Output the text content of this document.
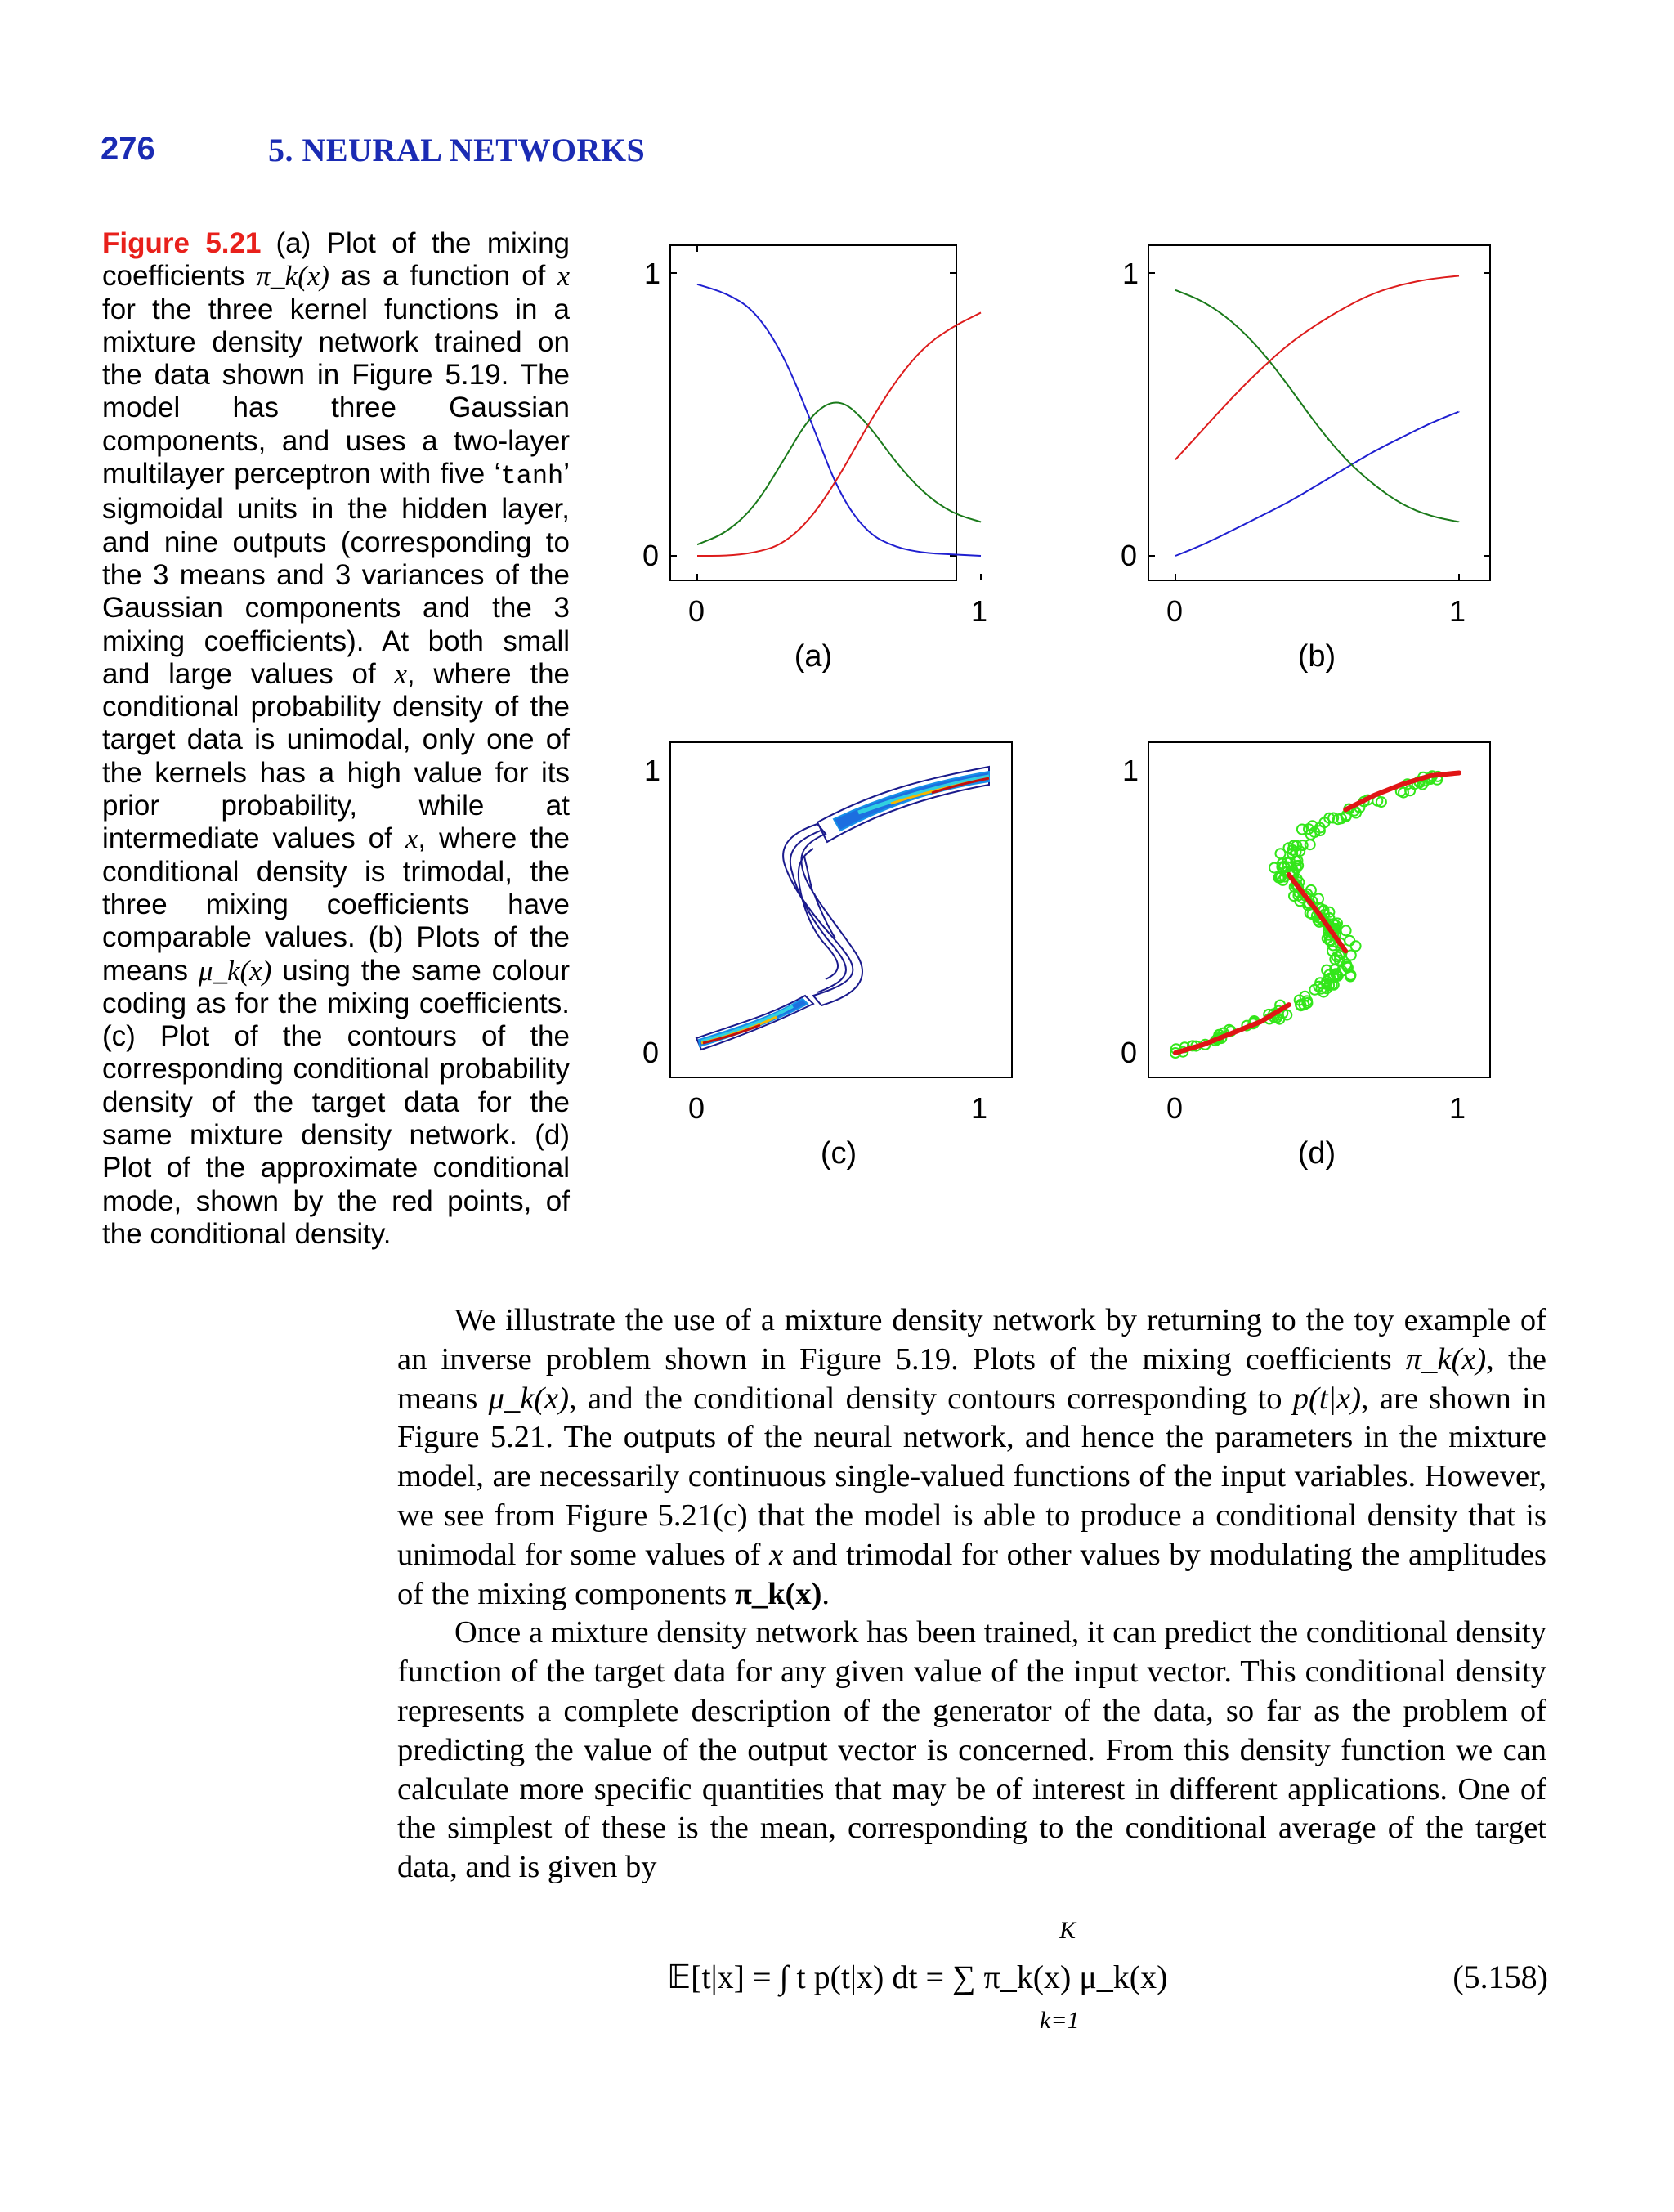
276	5. NEURAL NETWORKS
Figure 5.21 (a) Plot of the mixing coefficients π_k(x) as a function of x for the three kernel functions in a mixture density network trained on the data shown in Figure 5.19. The model has three Gaussian components, and uses a two-layer multilayer perceptron with five ‘tanh’ sigmoidal units in the hidden layer, and nine outputs (corresponding to the 3 means and 3 variances of the Gaussian components and the 3 mixing coefficients). At both small and large values of x, where the conditional probability density of the target data is unimodal, only one of the kernels has a high value for its prior probability, while at intermediate values of x, where the conditional density is trimodal, the three mixing coefficients have comparable values. (b) Plots of the means μ_k(x) using the same colour coding as for the mixing coefficients. (c) Plot of the contours of the corresponding conditional probability density of the target data for the same mixture density network. (d) Plot of the approximate conditional mode, shown by the red points, of the conditional density.
1
0
0	1
(a)
1
0
0	1
(b)
1
0
0	1
(c)
1
0
0	1
(d)

We illustrate the use of a mixture density network by returning to the toy example of an inverse problem shown in Figure 5.19. Plots of the mixing coefficients π_k(x), the means μ_k(x), and the conditional density contours corresponding to p(t|x), are shown in Figure 5.21. The outputs of the neural network, and hence the parameters in the mixture model, are necessarily continuous single-valued functions of the input variables. However, we see from Figure 5.21(c) that the model is able to produce a conditional density that is unimodal for some values of x and trimodal for other values by modulating the amplitudes of the mixing components π_k(x).

Once a mixture density network has been trained, it can predict the conditional density function of the target data for any given value of the input vector. This conditional density represents a complete description of the generator of the data, so far as the problem of predicting the value of the output vector is concerned. From this density function we can calculate more specific quantities that may be of interest in different applications. One of the simplest of these is the mean, corresponding to the conditional average of the target data, and is given by

K
𝔼[t|x] = ∫ t p(t|x) dt = ∑ π_k(x) μ_k(x)
k=1
(5.158)
